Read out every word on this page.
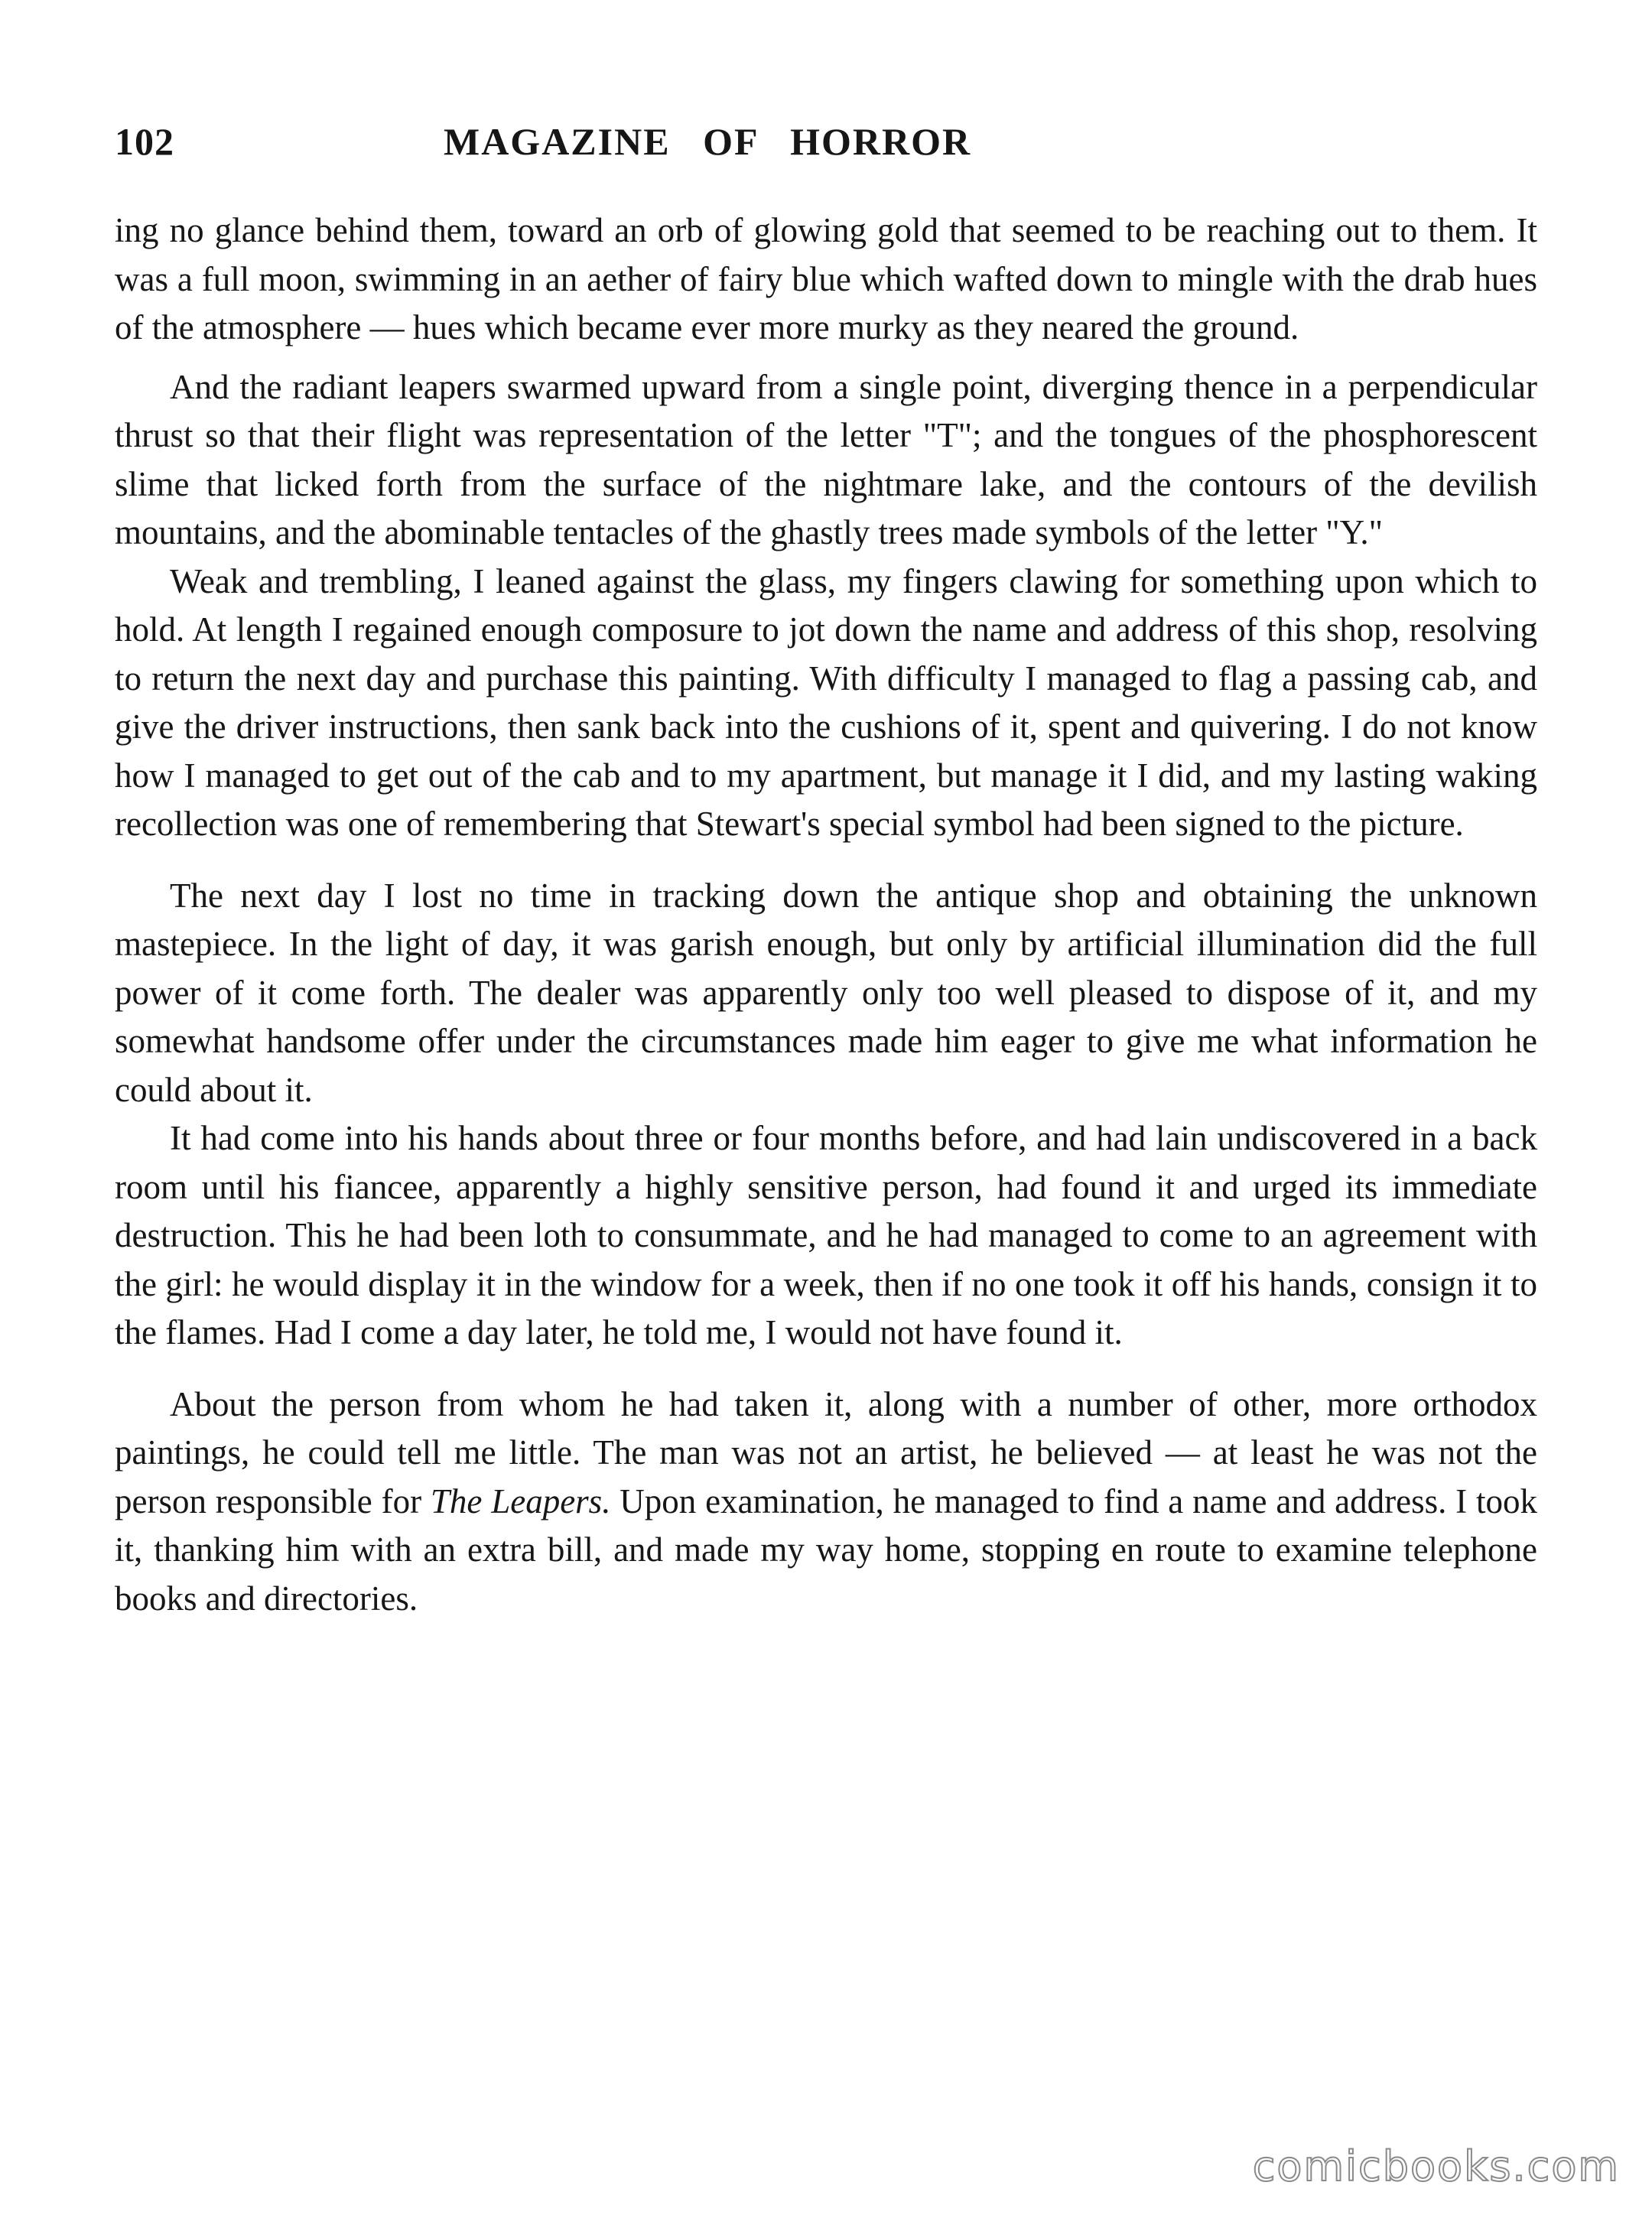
102	MAGAZINE OF HORROR

ing no glance behind them, toward an orb of glowing gold that seemed to be reaching out to them. It was a full moon, swimming in an aether of fairy blue which wafted down to mingle with the drab hues of the atmosphere — hues which became ever more murky as they neared the ground.

And the radiant leapers swarmed upward from a single point, diverging thence in a perpendicular thrust so that their flight was representation of the letter "T"; and the tongues of the phosphorescent slime that licked forth from the surface of the nightmare lake, and the contours of the devilish mountains, and the abominable tentacles of the ghastly trees made symbols of the letter "Y."

Weak and trembling, I leaned against the glass, my fingers clawing for something upon which to hold. At length I regained enough composure to jot down the name and address of this shop, resolving to return the next day and purchase this painting. With difficulty I managed to flag a passing cab, and give the driver instructions, then sank back into the cushions of it, spent and quivering. I do not know how I managed to get out of the cab and to my apartment, but manage it I did, and my lasting waking recollection was one of remembering that Stewart's special symbol had been signed to the picture.

The next day I lost no time in tracking down the antique shop and obtaining the unknown mastepiece. In the light of day, it was garish enough, but only by artificial illumination did the full power of it come forth. The dealer was apparently only too well pleased to dispose of it, and my somewhat handsome offer under the circumstances made him eager to give me what information he could about it.

It had come into his hands about three or four months before, and had lain undiscovered in a back room until his fiancee, apparently a highly sensitive person, had found it and urged its immediate destruction. This he had been loth to consummate, and he had managed to come to an agreement with the girl: he would display it in the window for a week, then if no one took it off his hands, consign it to the flames. Had I come a day later, he told me, I would not have found it.

About the person from whom he had taken it, along with a number of other, more orthodox paintings, he could tell me little. The man was not an artist, he believed — at least he was not the person responsible for The Leapers. Upon examination, he managed to find a name and address. I took it, thanking him with an extra bill, and made my way home, stopping en route to examine telephone books and directories.

comicbooks.com
